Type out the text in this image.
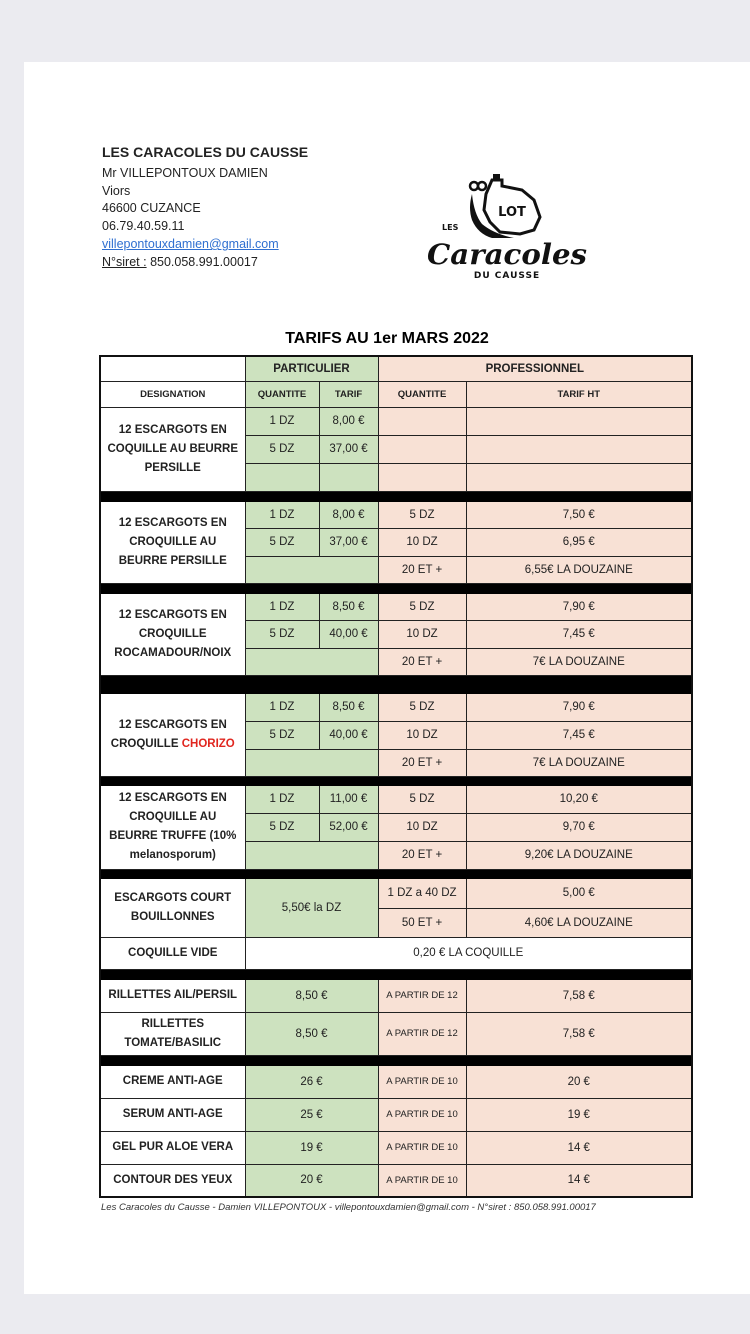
LES CARACOLES DU CAUSSE
Mr VILLEPONTOUX DAMIEN
Viors
46600 CUZANCE
06.79.40.59.11
villepontouxdamien@gmail.com
N°siret : 850.058.991.00017
LOT
LES
Caracoles
DU CAUSSE
TARIFS AU 1er MARS 2022
	PARTICULIER		PROFESSIONNEL	
DESIGNATION	QUANTITE	TARIF	QUANTITE	TARIF HT

12 ESCARGOTS EN
COQUILLE AU BEURRE
PERSILLE	1 DZ	8,00 €		
	5 DZ	37,00 €		

12 ESCARGOTS EN
CROQUILLE AU
BEURRE PERSILLE	1 DZ	8,00 €	5 DZ	7,50 €
	5 DZ	37,00 €	10 DZ	6,95 €
			20 ET +	6,55€ LA DOUZAINE

12 ESCARGOTS EN
CROQUILLE
ROCAMADOUR/NOIX	1 DZ	8,50 €	5 DZ	7,90 €
	5 DZ	40,00 €	10 DZ	7,45 €
			20 ET +	7€ LA DOUZAINE

12 ESCARGOTS EN
CROQUILLE CHORIZO	1 DZ	8,50 €	5 DZ	7,90 €
	5 DZ	40,00 €	10 DZ	7,45 €
			20 ET +	7€ LA DOUZAINE

12 ESCARGOTS EN
CROQUILLE AU
BEURRE TRUFFE (10%
melanosporum)	1 DZ	11,00 €	5 DZ	10,20 €
	5 DZ	52,00 €	10 DZ	9,70 €
			20 ET +	9,20€ LA DOUZAINE

ESCARGOTS COURT
BOUILLONNES	5,50€ la DZ		1 DZ a 40 DZ	5,00 €
			50 ET +	4,60€ LA DOUZAINE
COQUILLE VIDE	0,20 € LA COQUILLE			

RILLETTES AIL/PERSIL	8,50 €		A PARTIR DE 12	7,58 €

RILLETTES
TOMATE/BASILIC	8,50 €		A PARTIR DE 12	7,58 €

CREME ANTI-AGE	26 €		A PARTIR DE 10	20 €

SERUM ANTI-AGE	25 €		A PARTIR DE 10	19 €

GEL PUR ALOE VERA	19 €		A PARTIR DE 10	14 €

CONTOUR DES YEUX	20 €		A PARTIR DE 10	14 €
Les Caracoles du Causse - Damien VILLEPONTOUX - villepontouxdamien@gmail.com - N°siret : 850.058.991.00017
